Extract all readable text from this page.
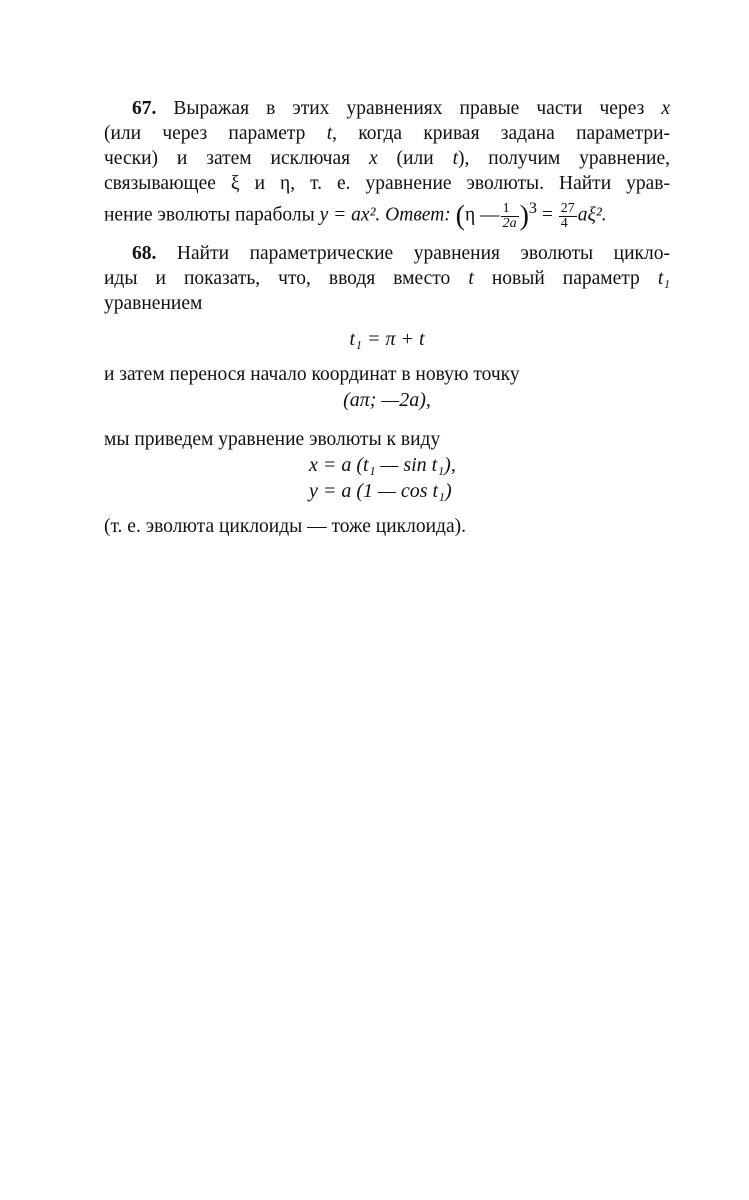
67. Выражая в этих уравнениях правые части через x
(или через параметр t, когда кривая задана параметри-
чески) и затем исключая x (или t), получим уравнение,
связывающее ξ и η, т. е. уравнение эволюты. Найти урав-
нение эволюты параболы y = ax². Ответ: (η — $\frac{1}{2a} )^3 = \frac{27}{4} a\xi^2$.

68. Найти параметрические уравнения эволюты цикло-
иды и показать, что, вводя вместо t новый параметр t₁
уравнением

t₁ = π + t

и затем перенося начало координат в новую точку

(aπ; —2a),

мы приведем уравнение эволюты к виду

x = a (t₁ — sin t₁),
y = a (1 — cos t₁)

(т. е. эволюта циклоиды — тоже циклоида).
